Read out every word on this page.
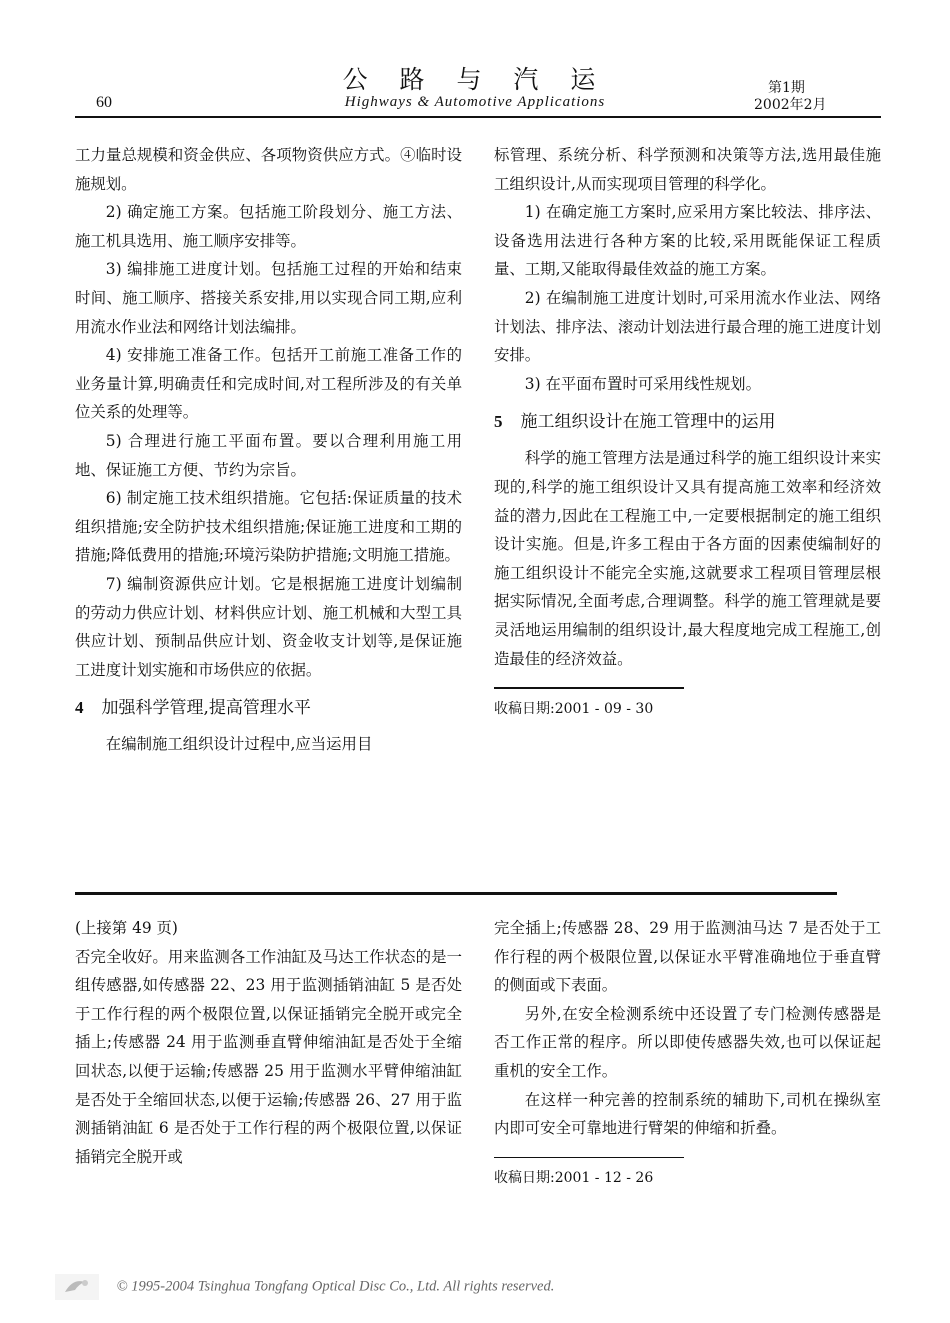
公 路 与 汽 运
Highways & Automotive Applications
60
第1期
2002年2月

工力量总规模和资金供应、各项物资供应方式。④临时设施规划。

2) 确定施工方案。包括施工阶段划分、施工方法、施工机具选用、施工顺序安排等。

3) 编排施工进度计划。包括施工过程的开始和结束时间、施工顺序、搭接关系安排,用以实现合同工期,应利用流水作业法和网络计划法编排。

4) 安排施工准备工作。包括开工前施工准备工作的业务量计算,明确责任和完成时间,对工程所涉及的有关单位关系的处理等。

5) 合理进行施工平面布置。要以合理利用施工用地、保证施工方便、节约为宗旨。

6) 制定施工技术组织措施。它包括:保证质量的技术组织措施;安全防护技术组织措施;保证施工进度和工期的措施;降低费用的措施;环境污染防护措施;文明施工措施。

7) 编制资源供应计划。它是根据施工进度计划编制的劳动力供应计划、材料供应计划、施工机械和大型工具供应计划、预制品供应计划、资金收支计划等,是保证施工进度计划实施和市场供应的依据。

4 加强科学管理,提高管理水平

在编制施工组织设计过程中,应当运用目

标管理、系统分析、科学预测和决策等方法,选用最佳施工组织设计,从而实现项目管理的科学化。

1) 在确定施工方案时,应采用方案比较法、排序法、设备选用法进行各种方案的比较,采用既能保证工程质量、工期,又能取得最佳效益的施工方案。

2) 在编制施工进度计划时,可采用流水作业法、网络计划法、排序法、滚动计划法进行最合理的施工进度计划安排。

3) 在平面布置时可采用线性规划。

5 施工组织设计在施工管理中的运用

科学的施工管理方法是通过科学的施工组织设计来实现的,科学的施工组织设计又具有提高施工效率和经济效益的潜力,因此在工程施工中,一定要根据制定的施工组织设计实施。但是,许多工程由于各方面的因素使编制好的施工组织设计不能完全实施,这就要求工程项目管理层根据实际情况,全面考虑,合理调整。科学的施工管理就是要灵活地运用编制的组织设计,最大程度地完成工程施工,创造最佳的经济效益。

收稿日期:2001 - 09 - 30

(上接第 49 页)

否完全收好。用来监测各工作油缸及马达工作状态的是一组传感器,如传感器 22、23 用于监测插销油缸 5 是否处于工作行程的两个极限位置,以保证插销完全脱开或完全插上;传感器 24 用于监测垂直臂伸缩油缸是否处于全缩回状态,以便于运输;传感器 25 用于监测水平臂伸缩油缸是否处于全缩回状态,以便于运输;传感器 26、27 用于监测插销油缸 6 是否处于工作行程的两个极限位置,以保证插销完全脱开或

完全插上;传感器 28、29 用于监测油马达 7 是否处于工作行程的两个极限位置,以保证水平臂准确地位于垂直臂的侧面或下表面。

另外,在安全检测系统中还设置了专门检测传感器是否工作正常的程序。所以即使传感器失效,也可以保证起重机的安全工作。

在这样一种完善的控制系统的辅助下,司机在操纵室内即可安全可靠地进行臂架的伸缩和折叠。

收稿日期:2001 - 12 - 26
© 1995-2004 Tsinghua Tongfang Optical Disc Co., Ltd. All rights reserved.
